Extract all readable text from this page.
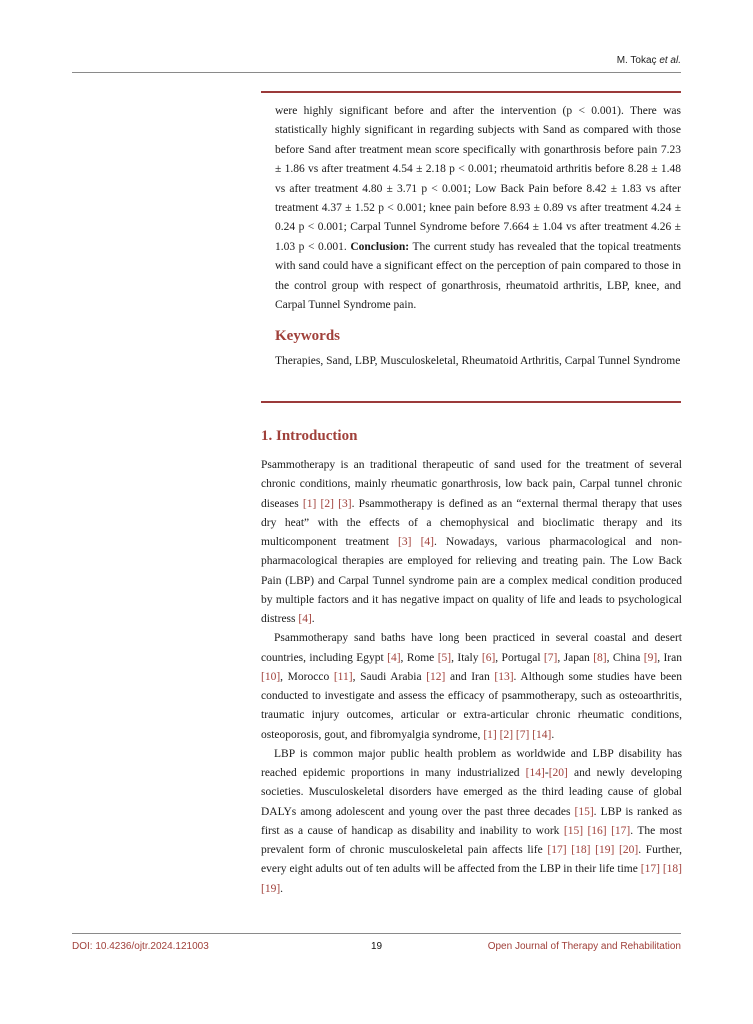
M. Tokaç et al.

were highly significant before and after the intervention (p < 0.001). There was statistically highly significant in regarding subjects with Sand as compared with those before Sand after treatment mean score specifically with gonarthrosis before pain 7.23 ± 1.86 vs after treatment 4.54 ± 2.18 p < 0.001; rheumatoid arthritis before 8.28 ± 1.48 vs after treatment 4.80 ± 3.71 p < 0.001; Low Back Pain before 8.42 ± 1.83 vs after treatment 4.37 ± 1.52 p < 0.001; knee pain before 8.93 ± 0.89 vs after treatment 4.24 ± 0.24 p < 0.001; Carpal Tunnel Syndrome before 7.664 ± 1.04 vs after treatment 4.26 ± 1.03 p < 0.001. Conclusion: The current study has revealed that the topical treatments with sand could have a significant effect on the perception of pain compared to those in the control group with respect of gonarthrosis, rheumatoid arthritis, LBP, knee, and Carpal Tunnel Syndrome pain.

Keywords

Therapies, Sand, LBP, Musculoskeletal, Rheumatoid Arthritis, Carpal Tunnel Syndrome

1. Introduction

Psammotherapy is an traditional therapeutic of sand used for the treatment of several chronic conditions, mainly rheumatic gonarthrosis, low back pain, Carpal tunnel chronic diseases [1] [2] [3]. Psammotherapy is defined as an “external thermal therapy that uses dry heat” with the effects of a chemophysical and bioclimatic therapy and its multicomponent treatment [3] [4]. Nowadays, various pharmacological and non-pharmacological therapies are employed for relieving and treating pain. The Low Back Pain (LBP) and Carpal Tunnel syndrome pain are a complex medical condition produced by multiple factors and it has negative impact on quality of life and leads to psychological distress [4].

Psammotherapy sand baths have long been practiced in several coastal and desert countries, including Egypt [4], Rome [5], Italy [6], Portugal [7], Japan [8], China [9], Iran [10], Morocco [11], Saudi Arabia [12] and Iran [13]. Although some studies have been conducted to investigate and assess the efficacy of psammotherapy, such as osteoarthritis, traumatic injury outcomes, articular or extra-articular chronic rheumatic conditions, osteoporosis, gout, and fibromyalgia syndrome, [1] [2] [7] [14].

LBP is common major public health problem as worldwide and LBP disability has reached epidemic proportions in many industrialized [14]-[20] and newly developing societies. Musculoskeletal disorders have emerged as the third leading cause of global DALYs among adolescent and young over the past three decades [15]. LBP is ranked as first as a cause of handicap as disability and inability to work [15] [16] [17]. The most prevalent form of chronic musculoskeletal pain affects life [17] [18] [19] [20]. Further, every eight adults out of ten adults will be affected from the LBP in their life time [17] [18] [19].

DOI: 10.4236/ojtr.2024.121003	19	Open Journal of Therapy and Rehabilitation
